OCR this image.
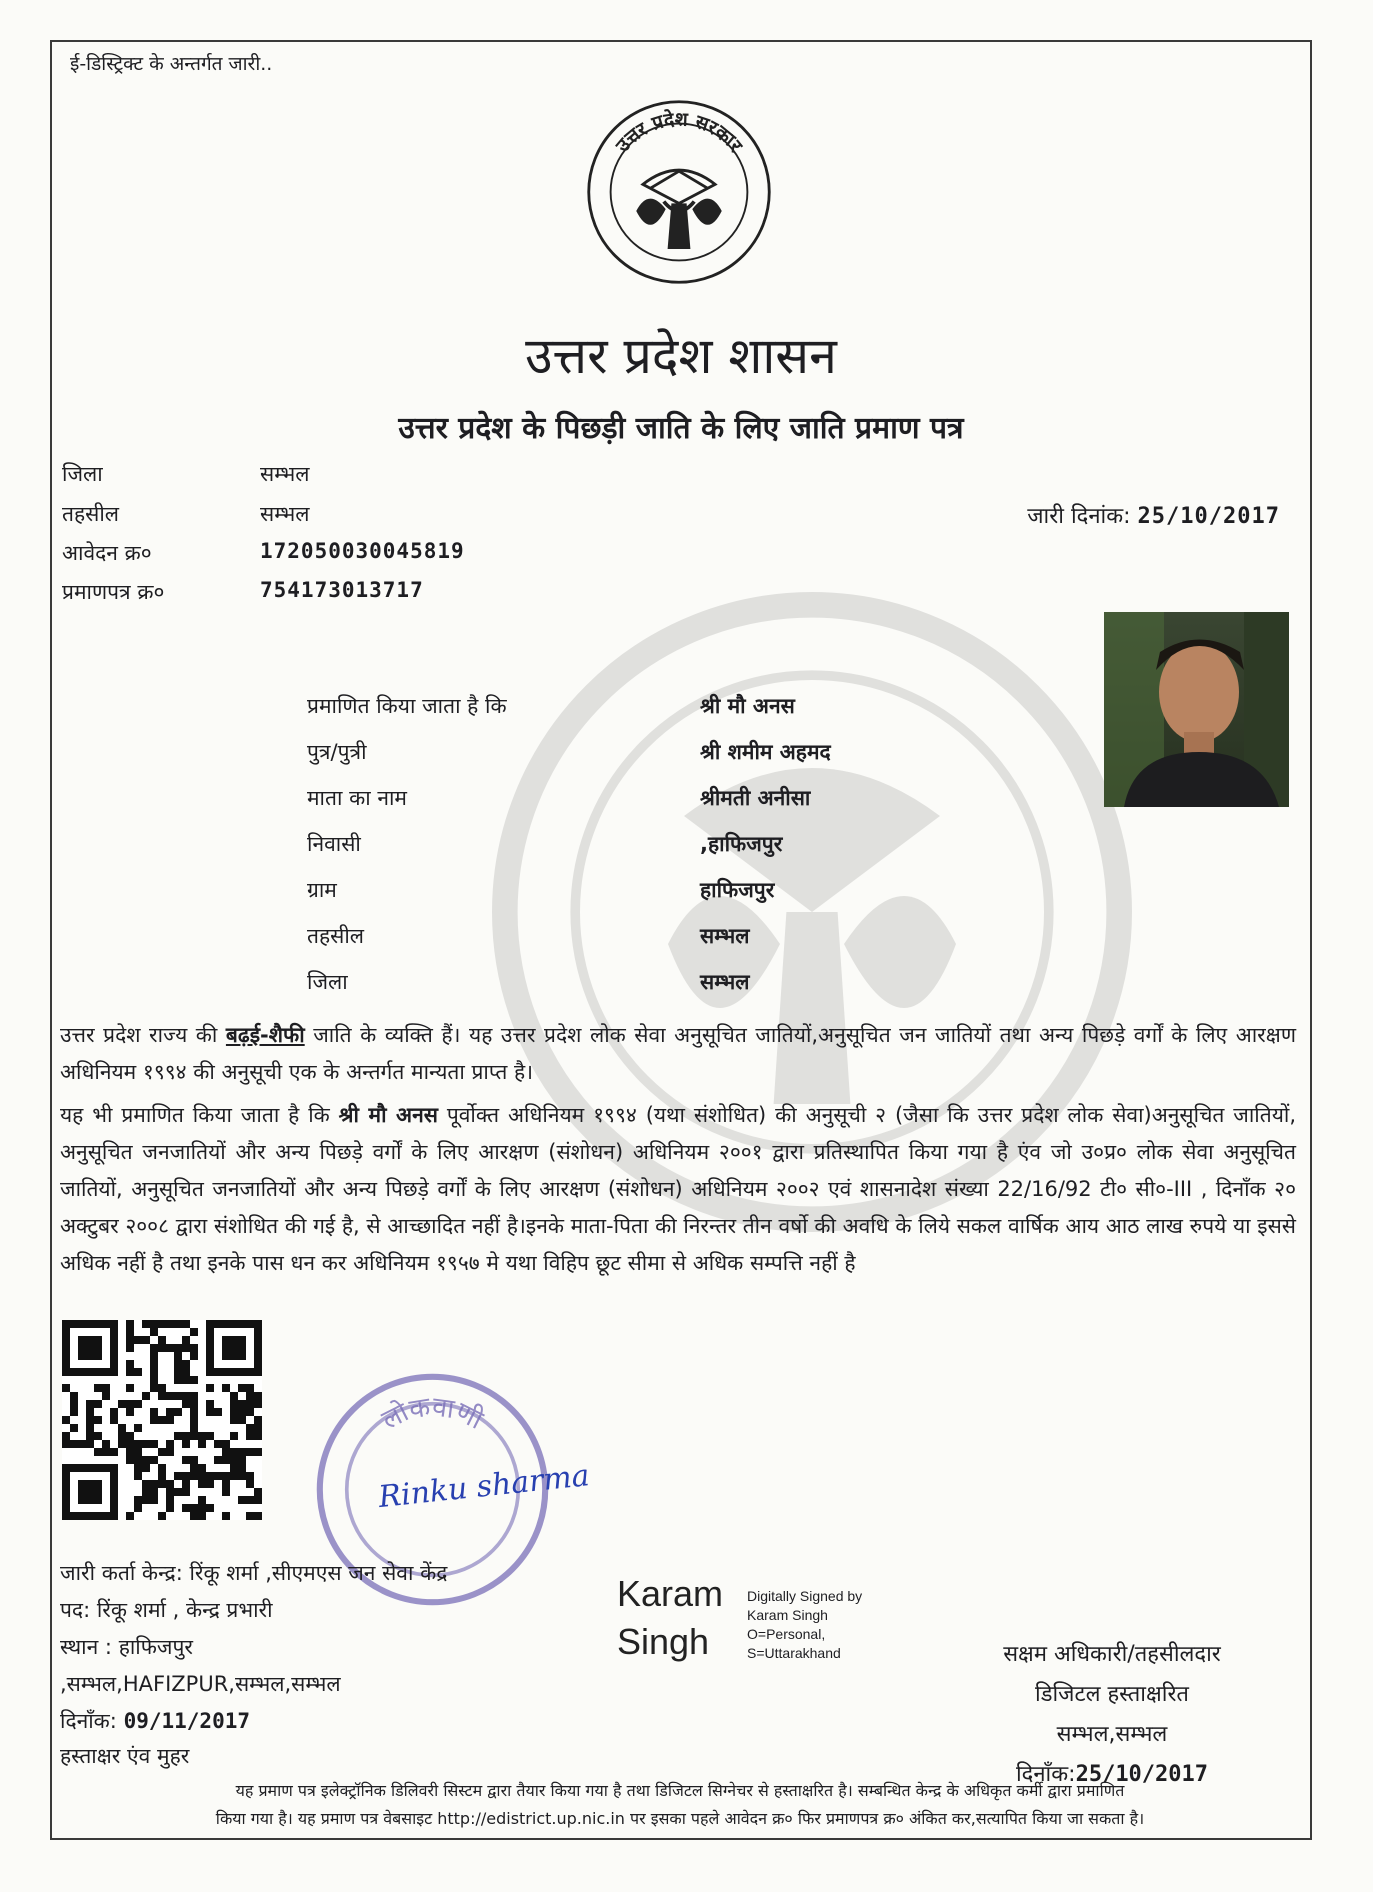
ई-डिस्ट्रिक्ट के अन्तर्गत जारी..
उत्तर प्रदेश सरकार
उत्तर प्रदेश शासन
उत्तर प्रदेश के पिछड़ी जाति के लिए जाति प्रमाण पत्र
जिला	सम्भल
तहसील	सम्भल
आवेदन क्र०	172050030045819
प्रमाणपत्र क्र०	754173013717
जारी दिनांक: 25/10/2017
प्रमाणित किया जाता है कि	श्री मौ अनस
पुत्र/पुत्री	श्री शमीम अहमद
माता का नाम	श्रीमती अनीसा
निवासी	,हाफिजपुर
ग्राम	हाफिजपुर
तहसील	सम्भल
जिला	सम्भल
उत्तर प्रदेश राज्य की बढ़ई-शैफी जाति के व्यक्ति हैं। यह उत्तर प्रदेश लोक सेवा अनुसूचित जातियों,अनुसूचित जन जातियों तथा अन्य पिछड़े वर्गों के लिए आरक्षण अधिनियम १९९४ की अनुसूची एक के अन्तर्गत मान्यता प्राप्त है।
यह भी प्रमाणित किया जाता है कि श्री मौ अनस पूर्वोक्त अधिनियम १९९४ (यथा संशोधित) की अनुसूची २ (जैसा कि उत्तर प्रदेश लोक सेवा)अनुसूचित जातियों, अनुसूचित जनजातियों और अन्य पिछड़े वर्गों के लिए आरक्षण (संशोधन) अधिनियम २००१ द्वारा प्रतिस्थापित किया गया है एंव जो उ०प्र० लोक सेवा अनुसूचित जातियों, अनुसूचित जनजातियों और अन्य पिछड़े वर्गों के लिए आरक्षण (संशोधन) अधिनियम २००२ एवं शासनादेश संख्या 22/16/92 टी० सी०-III , दिनाँक २० अक्टुबर २००८ द्वारा संशोधित की गई है, से आच्छादित नहीं है।इनके माता-पिता की निरन्तर तीन वर्षो की अवधि के लिये सकल वार्षिक आय आठ लाख रुपये या इससे अधिक नहीं है तथा इनके पास धन कर अधिनियम १९५७ मे यथा विहिप छूट सीमा से अधिक सम्पत्ति नहीं है
लोकवाणी
Rinku sharma
जारी कर्ता केन्द्र: रिंकू शर्मा ,सीएमएस जन सेवा केंद्र
पद: रिंकू शर्मा , केन्द्र प्रभारी
स्थान : हाफिजपुर
,सम्भल,HAFIZPUR,सम्भल,सम्भल
दिनाँक: 09/11/2017
Karam
Singh
Digitally Signed by
Karam Singh
O=Personal,
S=Uttarakhand	सक्षम अधिकारी/तहसीलदार
डिजिटल हस्ताक्षरित
सम्भल,सम्भल
दिनाँक:25/10/2017
यह प्रमाण पत्र इलेक्ट्रॉनिक डिलिवरी सिस्टम द्वारा तैयार किया गया है तथा डिजिटल सिग्नेचर से हस्ताक्षरित है। सम्बन्धित केन्द्र के अधिकृत कर्मी द्वारा प्रमाणित
किया गया है। यह प्रमाण पत्र वेबसाइट http://edistrict.up.nic.in पर इसका पहले आवेदन क्र० फिर प्रमाणपत्र क्र० अंकित कर,सत्यापित किया जा सकता है।
हस्ताक्षर एंव मुहर
